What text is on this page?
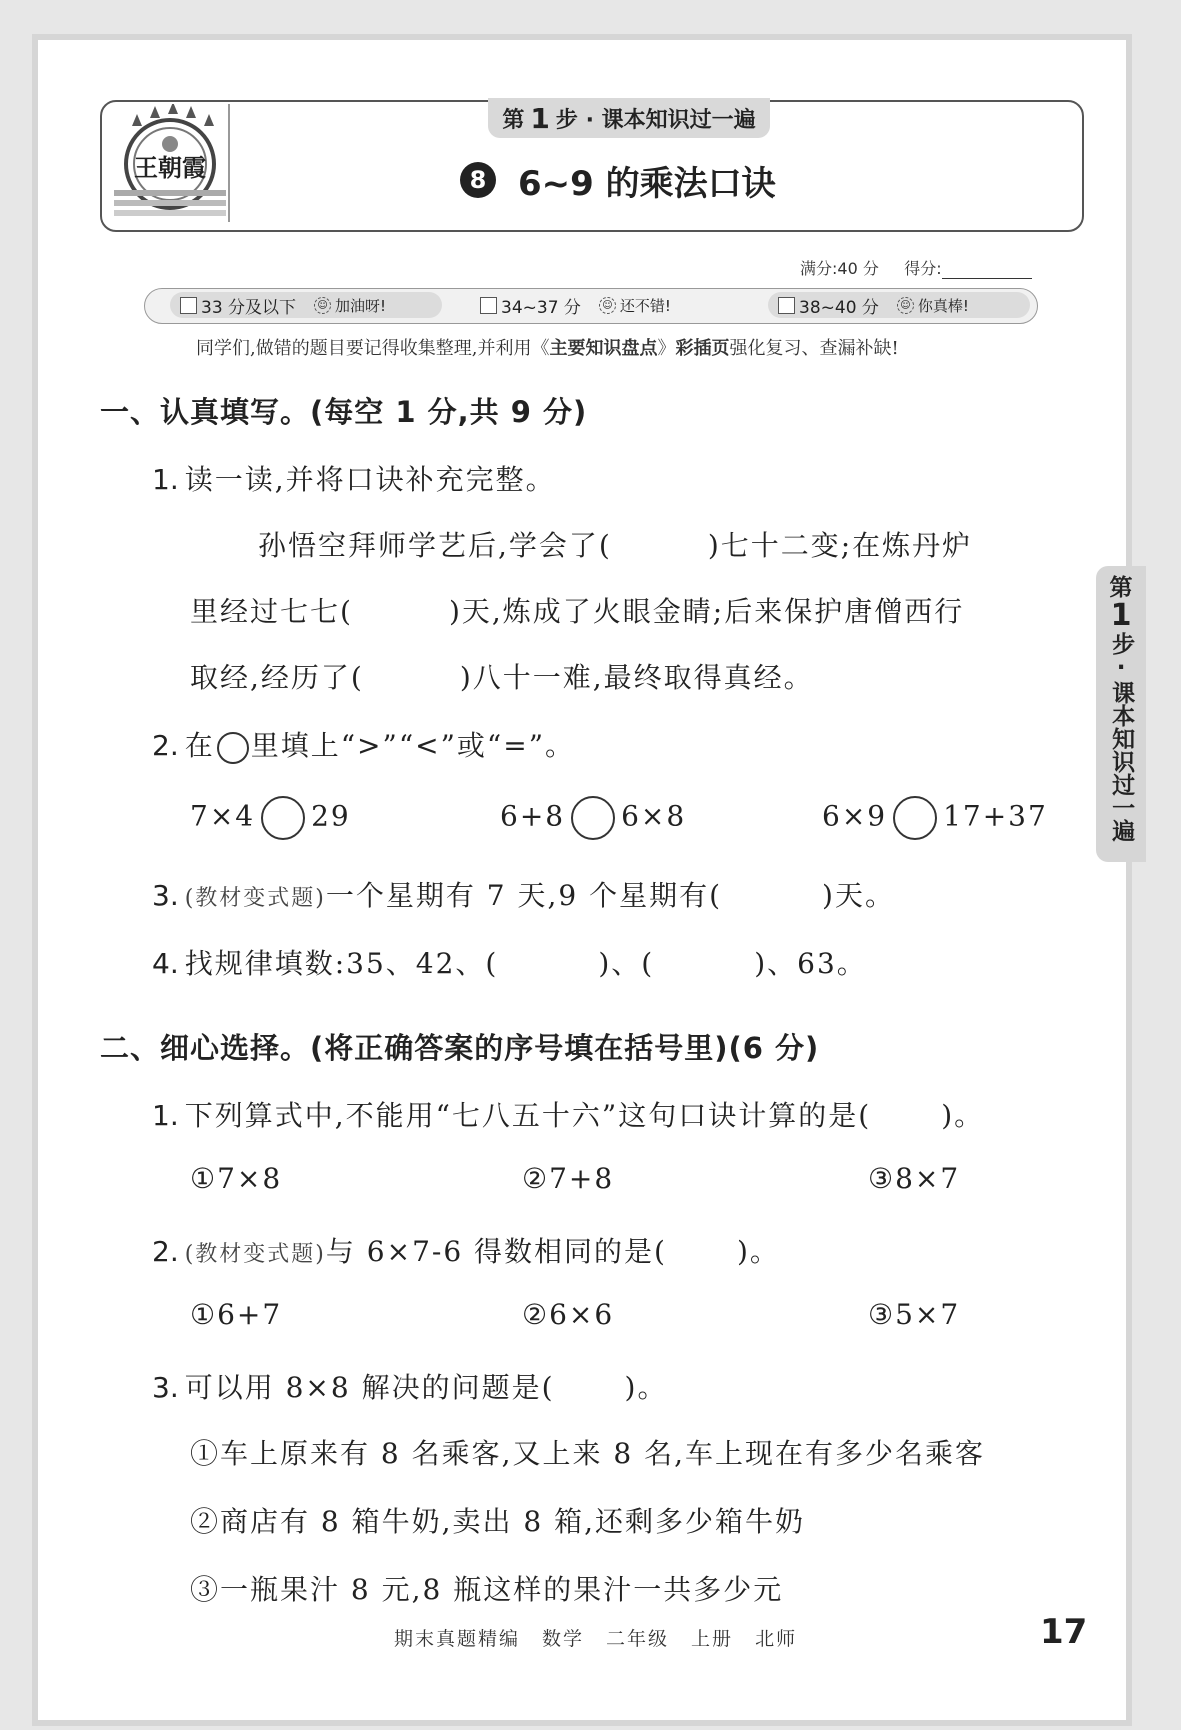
王朝霞
第 1 步 · 课本知识过一遍
8 6~9 的乘法口诀
满分:40 分 得分:
33 分及以下	☺ 加油呀!	34~37 分	☺ 还不错!	38~40 分	☺ 你真棒!
同学们,做错的题目要记得收集整理,并利用《主要知识盘点》彩插页强化复习、查漏补缺!
一、认真填写。(每空 1 分,共 9 分)
1. 读一读,并将口诀补充完整。
孙悟空拜师学艺后,学会了(	)七十二变;在炼丹炉
里经过七七(	)天,炼成了火眼金睛;后来保护唐僧西行
取经,经历了(	)八十一难,最终取得真经。
2. 在 里填上“>”“<”或“=”。
7×4 29	6+8 6×8	6×9 17+37
3. (教材变式题)一个星期有 7 天,9 个星期有(	)天。
4. 找规律填数:35、42、(	)、(	)、63。
二、细心选择。(将正确答案的序号填在括号里)(6 分)
1. 下列算式中,不能用“七八五十六”这句口诀计算的是(	)。
①7×8	②7+8	③8×7
2. (教材变式题)与 6×7-6 得数相同的是(	)。
①6+7	②6×6	③5×7
3. 可以用 8×8 解决的问题是(	)。
①车上原来有 8 名乘客,又上来 8 名,车上现在有多少名乘客
②商店有 8 箱牛奶,卖出 8 箱,还剩多少箱牛奶
③一瓶果汁 8 元,8 瓶这样的果汁一共多少元
第
1
步·课本知识过一遍
期末真题精编 数学 二年级 上册 北师	17
